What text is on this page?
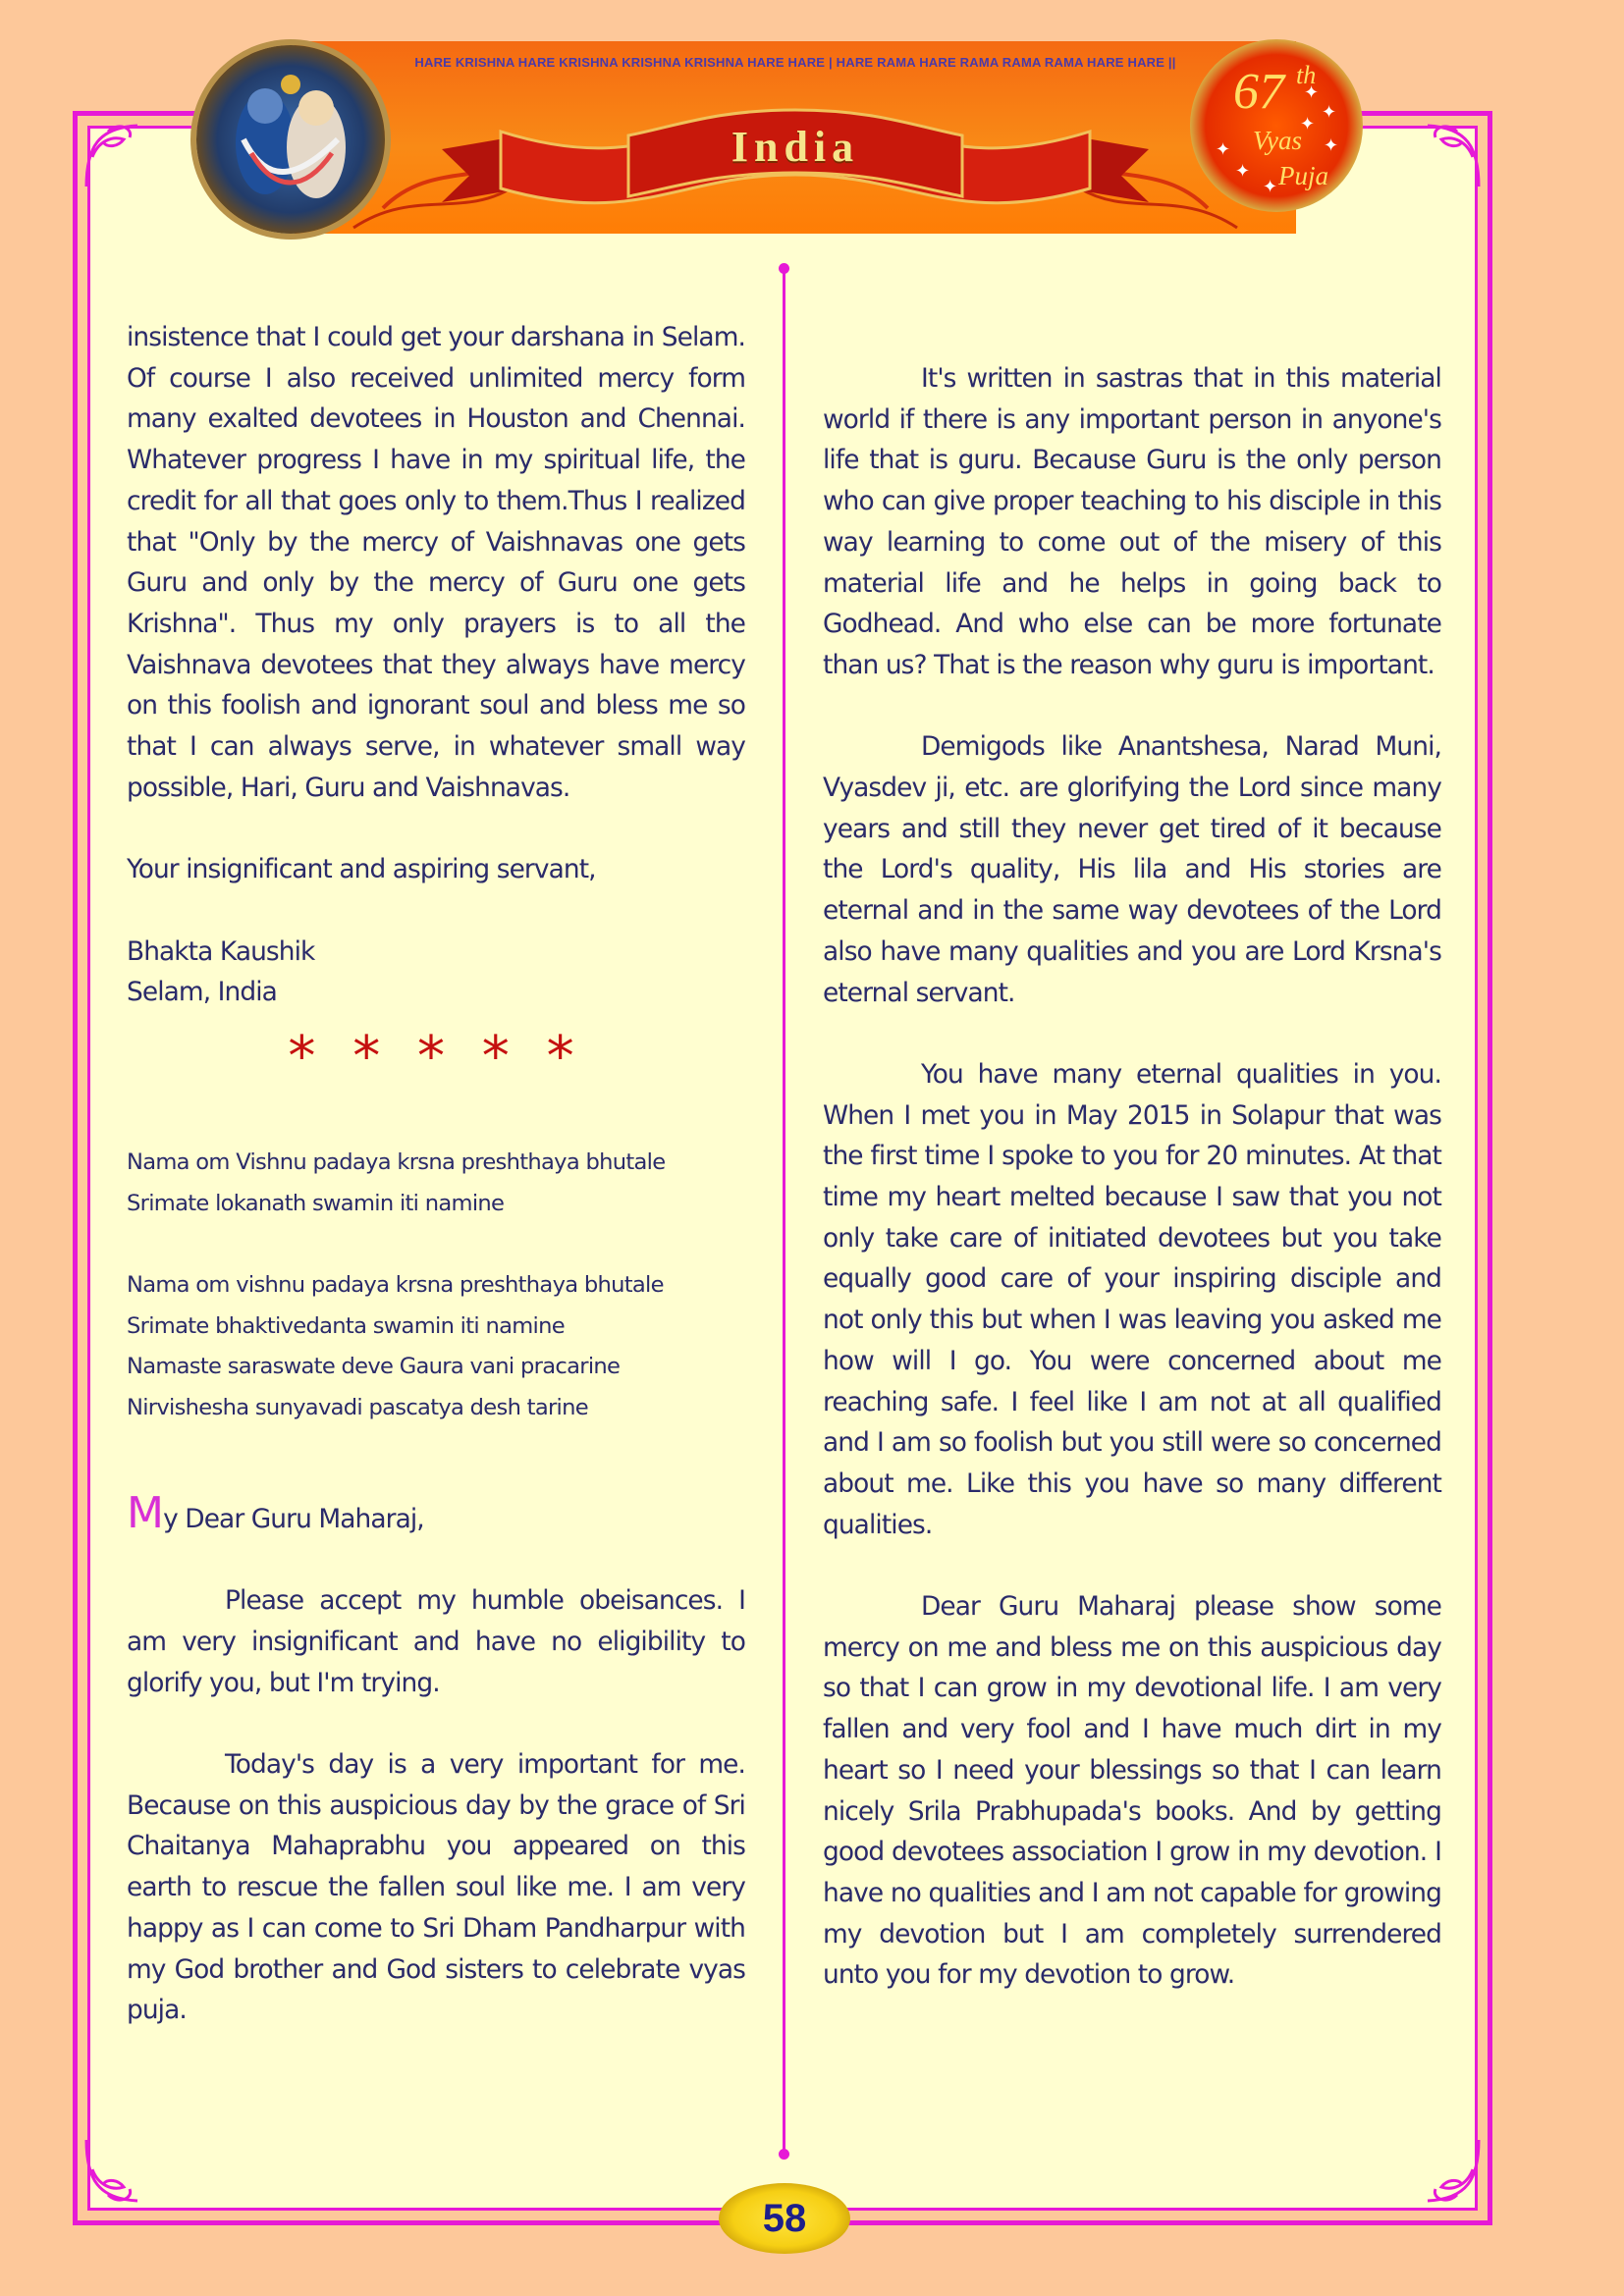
HARE KRISHNA HARE KRISHNA KRISHNA KRISHNA HARE HARE | HARE RAMA HARE RAMA RAMA RAMA HARE HARE ||
India
67 th
Vyas
Puja
✦
✦
✦
✦
✦
✦
✦

insistence that I could get your darshana in Selam. Of course I also received unlimited mercy form many exalted devotees in Houston and Chennai. Whatever progress I have in my spiritual life, the credit for all that goes only to them.Thus I realized that "Only by the mercy of Vaishnavas one gets Guru and only by the mercy of Guru one gets Krishna". Thus my only prayers is to all the Vaishnava devotees that they always have mercy on this foolish and ignorant soul and bless me so that I can always serve, in whatever small way possible, Hari, Guru and Vaishnavas.

Your insignificant and aspiring servant,

Bhakta Kaushik

Selam, India

* * * * *

Nama om Vishnu padaya krsna preshthaya bhutale

Srimate lokanath swamin iti namine

Nama om vishnu padaya krsna preshthaya bhutale

Srimate bhaktivedanta swamin iti namine

Namaste saraswate deve Gaura vani pracarine

Nirvishesha sunyavadi pascatya desh tarine

My Dear Guru Maharaj,

Please accept my humble obeisances. I am very insignificant and have no eligibility to glorify you, but I'm trying.

Today's day is a very important for me. Because on this auspicious day by the grace of Sri Chaitanya Mahaprabhu you appeared on this earth to rescue the fallen soul like me. I am very happy as I can come to Sri Dham Pandharpur with my God brother and God sisters to celebrate vyas puja.

It's written in sastras that in this material world if there is any important person in anyone's life that is guru. Because Guru is the only person who can give proper teaching to his disciple in this way learning to come out of the misery of this material life and he helps in going back to Godhead. And who else can be more fortunate than us? That is the reason why guru is important.

Demigods like Anantshesa, Narad Muni, Vyasdev ji, etc. are glorifying the Lord since many years and still they never get tired of it because the Lord's quality, His lila and His stories are eternal and in the same way devotees of the Lord also have many qualities and you are Lord Krsna's eternal servant.

You have many eternal qualities in you. When I met you in May 2015 in Solapur that was the first time I spoke to you for 20 minutes. At that time my heart melted because I saw that you not only take care of initiated devotees but you take equally good care of your inspiring disciple and not only this but when I was leaving you asked me how will I go. You were concerned about me reaching safe. I feel like I am not at all qualified and I am so foolish but you still were so concerned about me. Like this you have so many different qualities.

Dear Guru Maharaj please show some mercy on me and bless me on this auspicious day so that I can grow in my devotional life. I am very fallen and very fool and I have much dirt in my heart so I need your blessings so that I can learn nicely Srila Prabhupada's books. And by getting good devotees association I grow in my devotion. I have no qualities and I am not capable for growing my devotion but I am completely surrendered unto you for my devotion to grow.

58
